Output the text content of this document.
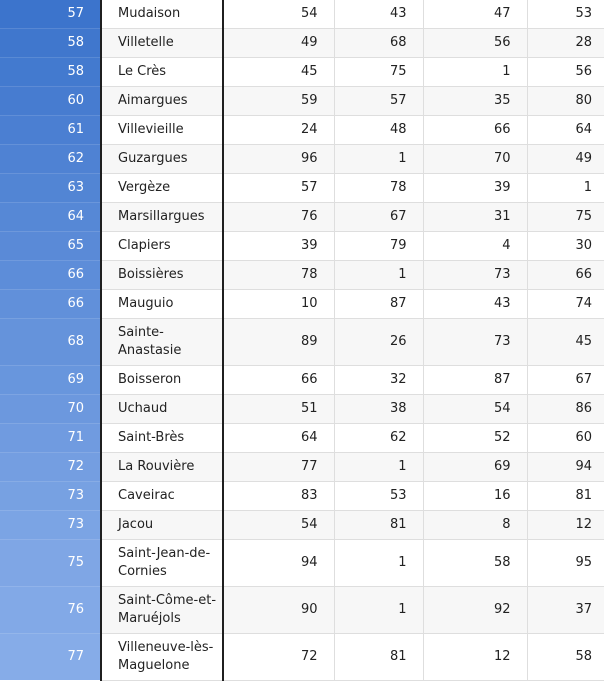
57	Mudaison	54	43	47	53
58	Villetelle	49	68	56	28
58	Le Crès	45	75	1	56
60	Aimargues	59	57	35	80
61	Villevieille	24	48	66	64
62	Guzargues	96	1	70	49
63	Vergèze	57	78	39	1
64	Marsillargues	76	67	31	75
65	Clapiers	39	79	4	30
66	Boissières	78	1	73	66
66	Mauguio	10	87	43	74
68	Sainte-Anastasie	89	26	73	45
69	Boisseron	66	32	87	67
70	Uchaud	51	38	54	86
71	Saint-Brès	64	62	52	60
72	La Rouvière	77	1	69	94
73	Caveirac	83	53	16	81
73	Jacou	54	81	8	12
75	Saint-Jean-de-Cornies	94	1	58	95
76	Saint-Côme-et-Maruéjols	90	1	92	37
77	Villeneuve-lès-Maguelone	72	81	12	58
